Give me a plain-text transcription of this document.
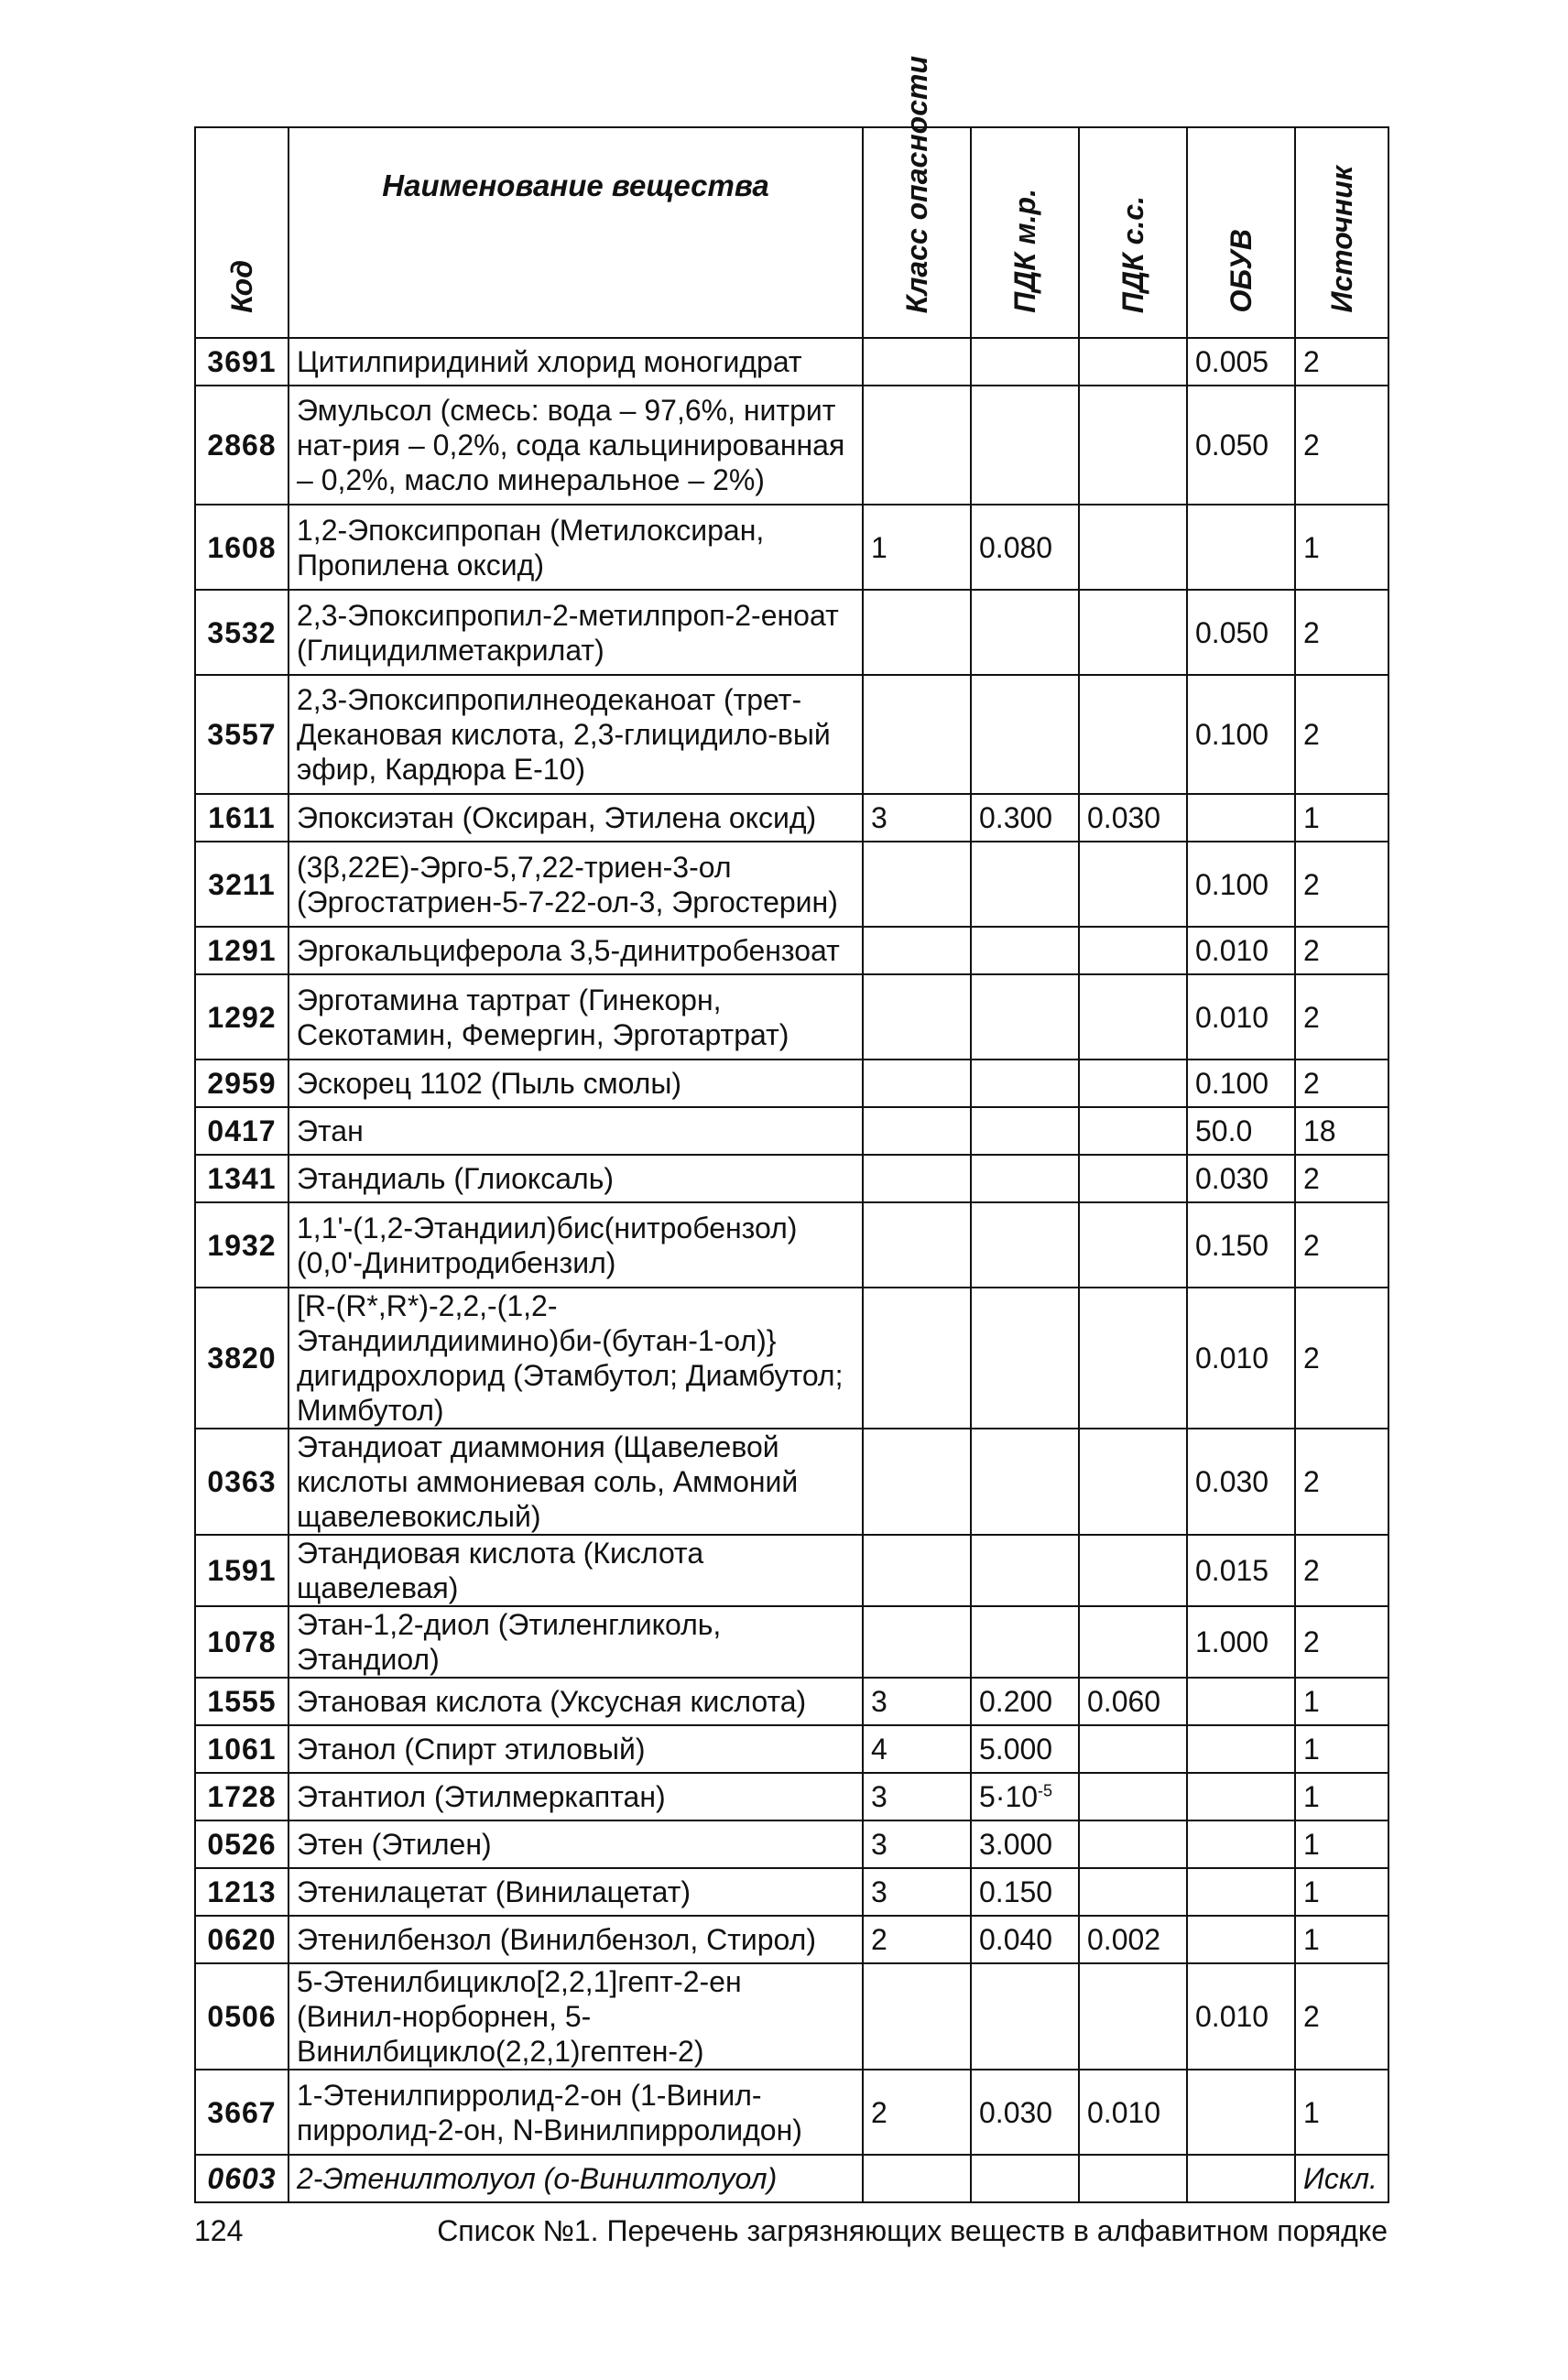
Код	Наименование вещества	Класс опасности	ПДК м.р.	ПДК с.с.	ОБУВ	Источник

3691	Цитилпиридиний хлорид моногидрат				0.005	2
2868	Эмульсол (смесь: вода – 97,6%, нитрит нат-рия – 0,2%, сода кальцинированная – 0,2%, масло минеральное – 2%)				0.050	2
1608	1,2-Эпоксипропан (Метилоксиран, Пропилена оксид)	1	0.080			1
3532	2,3-Эпоксипропил-2-метилпроп-2-еноат (Глицидилметакрилат)				0.050	2
3557	2,3-Эпоксипропилнеодеканоат (трет-Декановая кислота, 2,3-глицидило-вый эфир, Кардюра Е-10)				0.100	2
1611	Эпоксиэтан (Оксиран, Этилена оксид)	3	0.300	0.030		1
3211	(3β,22Е)-Эрго-5,7,22-триен-3-ол (Эргостатриен-5-7-22-ол-3, Эргостерин)				0.100	2
1291	Эргокальциферола 3,5-динитробензоат				0.010	2
1292	Эрготамина тартрат (Гинекорн, Секотамин, Фемергин, Эрготартрат)				0.010	2
2959	Эскорец 1102 (Пыль смолы)				0.100	2
0417	Этан				50.0	18
1341	Этандиаль (Глиоксаль)				0.030	2
1932	1,1'-(1,2-Этандиил)бис(нитробензол) (0,0'-Динитродибензил)				0.150	2
3820	[R-(R*,R*)-2,2,-(1,2-Этандиилдиимино)би-(бутан-1-ол)} дигидрохлорид (Этамбутол; Диамбутол; Мимбутол)				0.010	2
0363	Этандиоат диаммония (Щавелевой кислоты аммониевая соль, Аммоний щавелевокислый)				0.030	2
1591	Этандиовая кислота (Кислота щавелевая)				0.015	2
1078	Этан-1,2-диол (Этиленгликоль, Этандиол)				1.000	2
1555	Этановая кислота (Уксусная кислота)	3	0.200	0.060		1
1061	Этанол (Спирт этиловый)	4	5.000			1
1728	Этантиол (Этилмеркаптан)	3	$5\cdot 10^{-5}$			1
0526	Этен (Этилен)	3	3.000			1
1213	Этенилацетат (Винилацетат)	3	0.150			1
0620	Этенилбензол (Винилбензол, Стирол)	2	0.040	0.002		1
0506	5-Этенилбицикло[2,2,1]гепт-2-ен (Винил-норборнен, 5-Винилбицикло(2,2,1)гептен-2)				0.010	2
3667	1-Этенилпирролид-2-он (1-Винил-пирролид-2-он, N-Винилпирролидон)	2	0.030	0.010		1
0603	2-Этенилтолуол (о-Винилтолуол)					Искл.
124	Список №1. Перечень загрязняющих веществ в алфавитном порядке
